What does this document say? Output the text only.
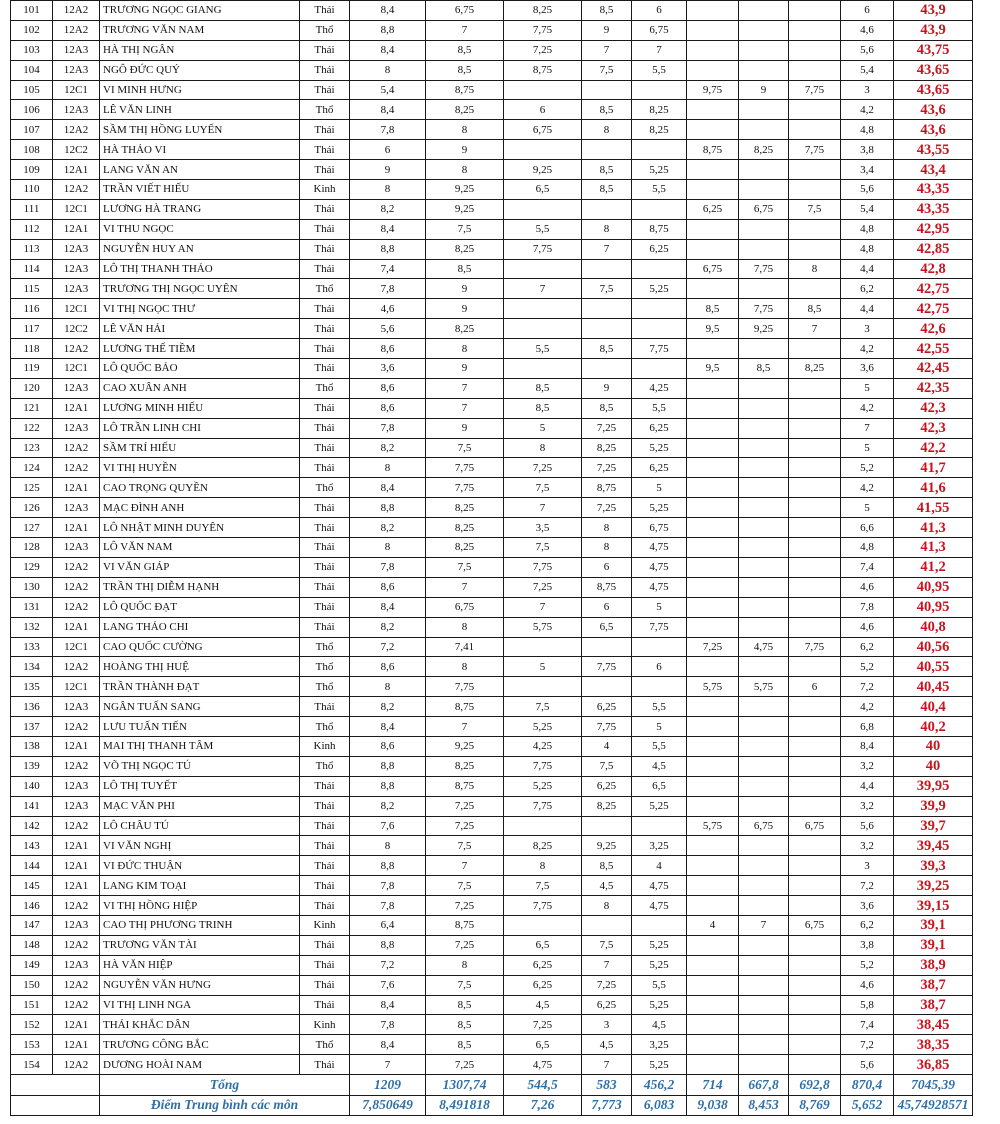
101	12A2	TRƯƠNG NGỌC GIANG	Thái	8,4	6,75	8,25	8,5	6				6	43,9
102	12A2	TRƯƠNG VĂN NAM	Thổ	8,8	7	7,75	9	6,75				4,6	43,9
103	12A3	HÀ THỊ NGÂN	Thái	8,4	8,5	7,25	7	7				5,6	43,75
104	12A3	NGÔ ĐỨC QUÝ	Thái	8	8,5	8,75	7,5	5,5				5,4	43,65
105	12C1	VI MINH HƯNG	Thái	5,4	8,75				9,75	9	7,75	3	43,65
106	12A3	LÊ VĂN LINH	Thổ	8,4	8,25	6	8,5	8,25				4,2	43,6
107	12A2	SẦM THỊ HỒNG LUYẾN	Thái	7,8	8	6,75	8	8,25				4,8	43,6
108	12C2	HÀ THẢO VI	Thái	6	9				8,75	8,25	7,75	3,8	43,55
109	12A1	LANG VĂN AN	Thái	9	8	9,25	8,5	5,25				3,4	43,4
110	12A2	TRẦN VIẾT HIẾU	Kinh	8	9,25	6,5	8,5	5,5				5,6	43,35
111	12C1	LƯƠNG HÀ TRANG	Thái	8,2	9,25				6,25	6,75	7,5	5,4	43,35
112	12A1	VI THU NGỌC	Thái	8,4	7,5	5,5	8	8,75				4,8	42,95
113	12A3	NGUYỄN HUY AN	Thái	8,8	8,25	7,75	7	6,25				4,8	42,85
114	12A3	LÔ THỊ THANH THẢO	Thái	7,4	8,5				6,75	7,75	8	4,4	42,8
115	12A3	TRƯƠNG THỊ NGỌC UYÊN	Thổ	7,8	9	7	7,5	5,25				6,2	42,75
116	12C1	VI THỊ NGỌC THƯ	Thái	4,6	9				8,5	7,75	8,5	4,4	42,75
117	12C2	LÊ VĂN HẢI	Thái	5,6	8,25				9,5	9,25	7	3	42,6
118	12A2	LƯƠNG THẾ TIỀM	Thái	8,6	8	5,5	8,5	7,75				4,2	42,55
119	12C1	LÔ QUỐC BẢO	Thái	3,6	9				9,5	8,5	8,25	3,6	42,45
120	12A3	CAO XUÂN ANH	Thổ	8,6	7	8,5	9	4,25				5	42,35
121	12A1	LƯƠNG MINH HIẾU	Thái	8,6	7	8,5	8,5	5,5				4,2	42,3
122	12A3	LÔ TRẦN LINH CHI	Thái	7,8	9	5	7,25	6,25				7	42,3
123	12A2	SẦM TRÍ HIẾU	Thái	8,2	7,5	8	8,25	5,25				5	42,2
124	12A2	VI THỊ HUYỀN	Thái	8	7,75	7,25	7,25	6,25				5,2	41,7
125	12A1	CAO TRỌNG QUYỀN	Thổ	8,4	7,75	7,5	8,75	5				4,2	41,6
126	12A3	MẠC ĐÌNH ANH	Thái	8,8	8,25	7	7,25	5,25				5	41,55
127	12A1	LÔ NHẬT MINH DUYÊN	Thái	8,2	8,25	3,5	8	6,75				6,6	41,3
128	12A3	LÔ VĂN NAM	Thái	8	8,25	7,5	8	4,75				4,8	41,3
129	12A2	VI VĂN GIÁP	Thái	7,8	7,5	7,75	6	4,75				7,4	41,2
130	12A2	TRẦN THỊ DIỄM HẠNH	Thái	8,6	7	7,25	8,75	4,75				4,6	40,95
131	12A2	LÔ QUỐC ĐẠT	Thái	8,4	6,75	7	6	5				7,8	40,95
132	12A1	LANG THẢO CHI	Thái	8,2	8	5,75	6,5	7,75				4,6	40,8
133	12C1	CAO QUỐC CƯỜNG	Thổ	7,2	7,41				7,25	4,75	7,75	6,2	40,56
134	12A2	HOÀNG THỊ HUỆ	Thổ	8,6	8	5	7,75	6				5,2	40,55
135	12C1	TRẦN THÀNH ĐẠT	Thổ	8	7,75				5,75	5,75	6	7,2	40,45
136	12A3	NGÂN TUẤN SANG	Thái	8,2	8,75	7,5	6,25	5,5				4,2	40,4
137	12A2	LƯU TUẤN TIẾN	Thổ	8,4	7	5,25	7,75	5				6,8	40,2
138	12A1	MAI THỊ THANH TÂM	Kinh	8,6	9,25	4,25	4	5,5				8,4	40
139	12A2	VÕ THỊ NGỌC TÚ	Thổ	8,8	8,25	7,75	7,5	4,5				3,2	40
140	12A3	LÔ THỊ TUYẾT	Thái	8,8	8,75	5,25	6,25	6,5				4,4	39,95
141	12A3	MẠC VĂN PHI	Thái	8,2	7,25	7,75	8,25	5,25				3,2	39,9
142	12A2	LÔ CHÂU TÚ	Thái	7,6	7,25				5,75	6,75	6,75	5,6	39,7
143	12A1	VI VĂN NGHỊ	Thái	8	7,5	8,25	9,25	3,25				3,2	39,45
144	12A1	VI ĐỨC THUẬN	Thái	8,8	7	8	8,5	4				3	39,3
145	12A1	LANG KIM TOẠI	Thái	7,8	7,5	7,5	4,5	4,75				7,2	39,25
146	12A2	VI THỊ HỒNG HIỆP	Thái	7,8	7,25	7,75	8	4,75				3,6	39,15
147	12A3	CAO THỊ PHƯƠNG TRINH	Kinh	6,4	8,75				4	7	6,75	6,2	39,1
148	12A2	TRƯƠNG VĂN TÀI	Thái	8,8	7,25	6,5	7,5	5,25				3,8	39,1
149	12A3	HÀ VĂN HIỆP	Thái	7,2	8	6,25	7	5,25				5,2	38,9
150	12A2	NGUYỄN VĂN HƯNG	Thái	7,6	7,5	6,25	7,25	5,5				4,6	38,7
151	12A2	VI THỊ LINH NGA	Thái	8,4	8,5	4,5	6,25	5,25				5,8	38,7
152	12A1	THÁI KHẮC DÂN	Kinh	7,8	8,5	7,25	3	4,5				7,4	38,45
153	12A1	TRƯƠNG CÔNG BẮC	Thổ	8,4	8,5	6,5	4,5	3,25				7,2	38,35
154	12A2	DƯƠNG HOÀI NAM	Thái	7	7,25	4,75	7	5,25				5,6	36,85
		Tổng		1209	1307,74	544,5	583	456,2	714	667,8	692,8	870,4	7045,39
		Điểm Trung bình các môn		7,850649	8,491818	7,26	7,773	6,083	9,038	8,453	8,769	5,652	45,74928571
